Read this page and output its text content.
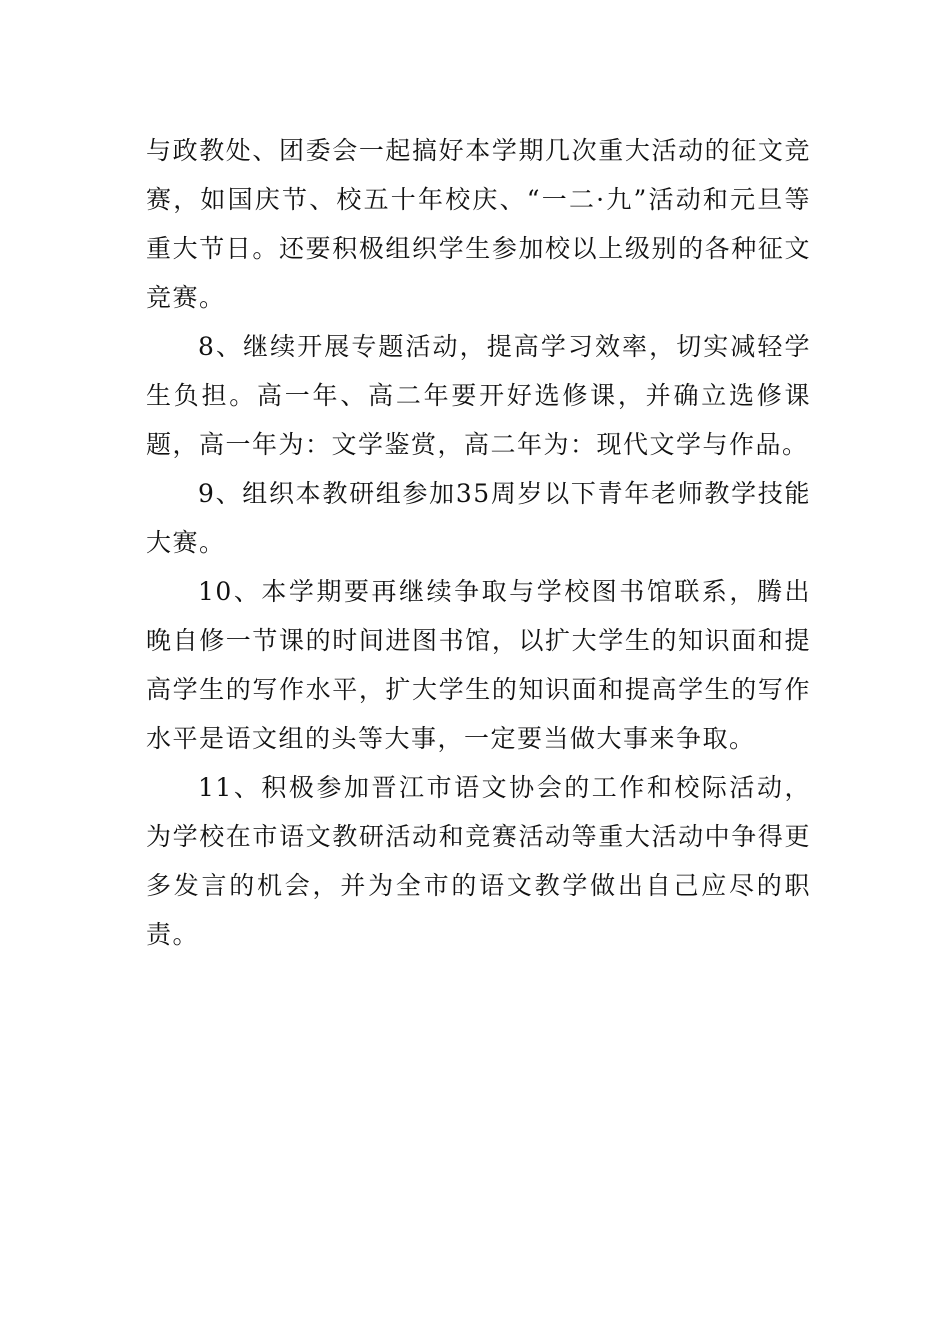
与政教处、团委会一起搞好本学期几次重大活动的征文竞赛，如国庆节、校五十年校庆、“一二·九”活动和元旦等重大节日。还要积极组织学生参加校以上级别的各种征文竞赛。

8、继续开展专题活动，提高学习效率，切实减轻学生负担。高一年、高二年要开好选修课，并确立选修课题，高一年为：文学鉴赏，高二年为：现代文学与作品。

9、组织本教研组参加35周岁以下青年老师教学技能大赛。

10、本学期要再继续争取与学校图书馆联系，腾出晚自修一节课的时间进图书馆，以扩大学生的知识面和提高学生的写作水平，扩大学生的知识面和提高学生的写作水平是语文组的头等大事，一定要当做大事来争取。

11、积极参加晋江市语文协会的工作和校际活动，为学校在市语文教研活动和竞赛活动等重大活动中争得更多发言的机会，并为全市的语文教学做出自己应尽的职责。
